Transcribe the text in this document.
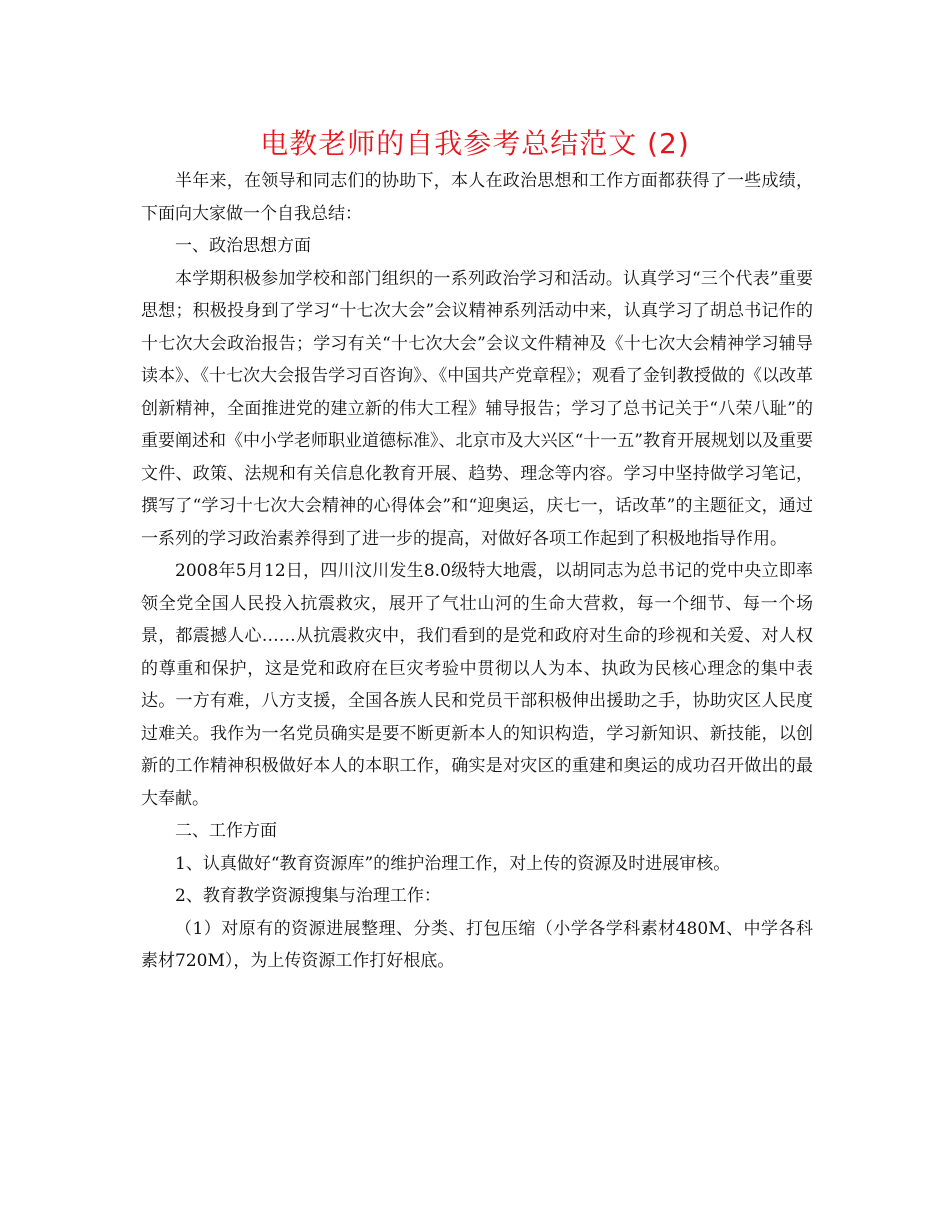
电教老师的自我参考总结范文 (2)

半年来，在领导和同志们的协助下，本人在政治思想和工作方面都获得了一些成绩，下面向大家做一个自我总结：

一、政治思想方面

本学期积极参加学校和部门组织的一系列政治学习和活动。认真学习“三个代表”重要思想；积极投身到了学习“十七次大会”会议精神系列活动中来，认真学习了胡总书记作的十七次大会政治报告；学习有关“十七次大会”会议文件精神及《十七次大会精神学习辅导读本》、《十七次大会报告学习百咨询》、《中国共产党章程》；观看了金钊教授做的《以改革创新精神，全面推进党的建立新的伟大工程》辅导报告；学习了总书记关于“八荣八耻”的重要阐述和《中小学老师职业道德标准》、北京市及大兴区“十一五”教育开展规划以及重要文件、政策、法规和有关信息化教育开展、趋势、理念等内容。学习中坚持做学习笔记，撰写了“学习十七次大会精神的心得体会”和“迎奥运，庆七一，话改革”的主题征文，通过一系列的学习政治素养得到了进一步的提高，对做好各项工作起到了积极地指导作用。

2008年5月12日，四川汶川发生8.0级特大地震，以胡同志为总书记的党中央立即率领全党全国人民投入抗震救灾，展开了气壮山河的生命大营救，每一个细节、每一个场景，都震撼人心……从抗震救灾中，我们看到的是党和政府对生命的珍视和关爱、对人权的尊重和保护，这是党和政府在巨灾考验中贯彻以人为本、执政为民核心理念的集中表达。一方有难，八方支援，全国各族人民和党员干部积极伸出援助之手，协助灾区人民度过难关。我作为一名党员确实是要不断更新本人的知识构造，学习新知识、新技能，以创新的工作精神积极做好本人的本职工作，确实是对灾区的重建和奥运的成功召开做出的最大奉献。

二、工作方面

1、认真做好“教育资源库”的维护治理工作，对上传的资源及时进展审核。

2、教育教学资源搜集与治理工作：

（1）对原有的资源进展整理、分类、打包压缩（小学各学科素材480M、中学各科素材720M），为上传资源工作打好根底。
